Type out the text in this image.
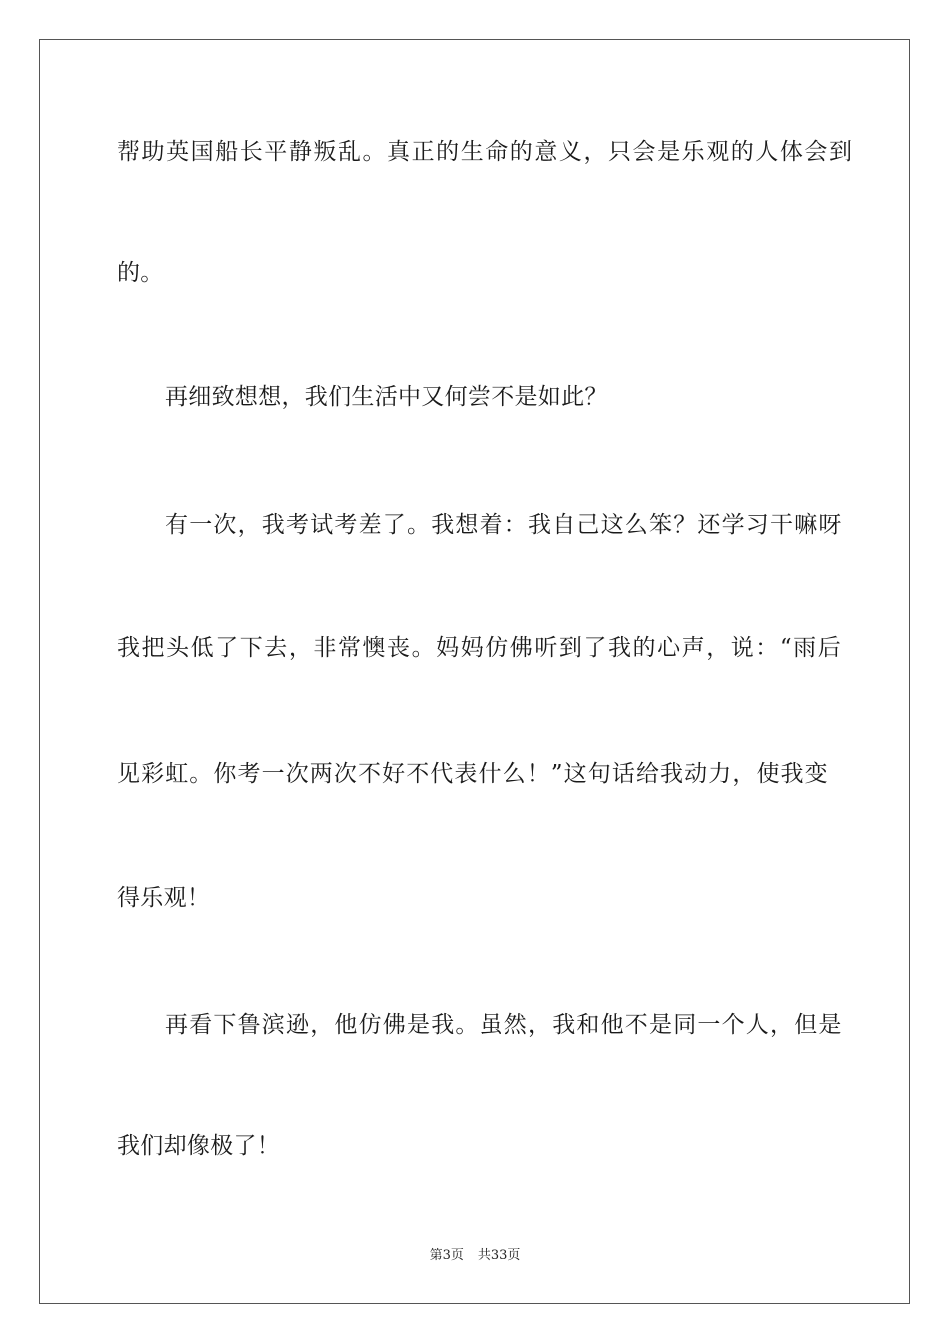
帮助英国船长平静叛乱。真正的生命的意义，只会是乐观的人体会到
的。
再细致想想，我们生活中又何尝不是如此？
有一次，我考试考差了。我想着：我自己这么笨？还学习干嘛呀
我把头低了下去，非常懊丧。妈妈仿佛听到了我的心声，说：“雨后
见彩虹。你考一次两次不好不代表什么！”这句话给我动力，使我变
得乐观！
再看下鲁滨逊，他仿佛是我。虽然，我和他不是同一个人，但是
我们却像极了！
第3页 共33页
